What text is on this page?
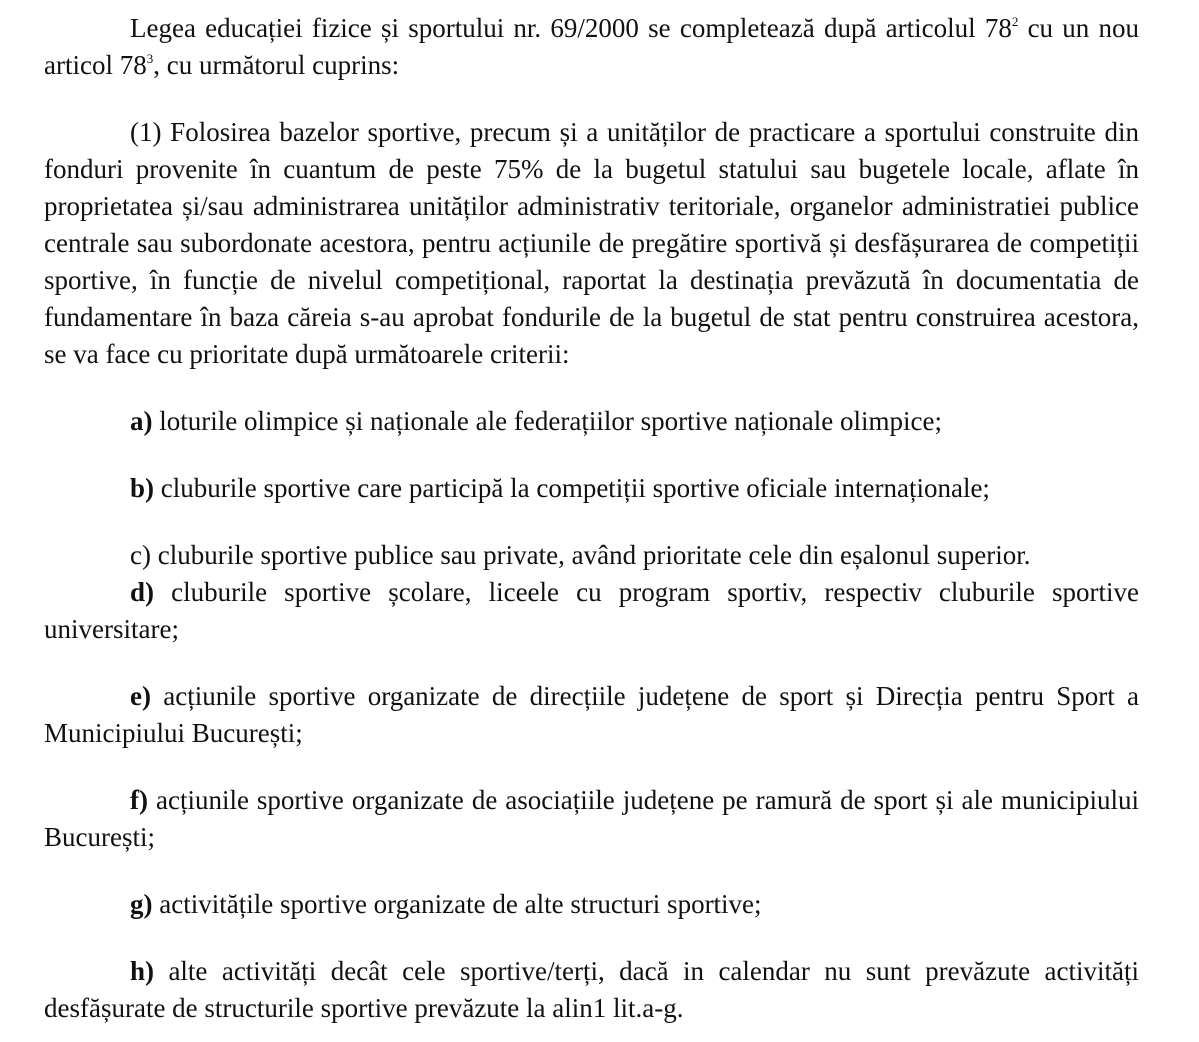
Legea educației fizice și sportului nr. 69/2000 se completează după articolul $78^2$ cu un nou articol $78^3$, cu următorul cuprins:

(1) Folosirea bazelor sportive, precum și a unităților de practicare a sportului construite din fonduri provenite în cuantum de peste 75% de la bugetul statului sau bugetele locale, aflate în proprietatea și/sau administrarea unităților administrativ teritoriale, organelor administratiei publice centrale sau subordonate acestora, pentru acțiunile de pregătire sportivă și desfășurarea de competiții sportive, în funcție de nivelul competițional, raportat la destinația prevăzută în documentatia de fundamentare în baza căreia s-au aprobat fondurile de la bugetul de stat pentru construirea acestora, se va face cu prioritate după următoarele criterii:

a) loturile olimpice și naționale ale federațiilor sportive naționale olimpice;

b) cluburile sportive care participă la competiții sportive oficiale internaționale;

c) cluburile sportive publice sau private, având prioritate cele din eșalonul superior.

d) cluburile sportive școlare, liceele cu program sportiv, respectiv cluburile sportive universitare;

e) acțiunile sportive organizate de direcțiile județene de sport și Direcția pentru Sport a Municipiului București;

f) acțiunile sportive organizate de asociațiile județene pe ramură de sport și ale municipiului București;

g) activitățile sportive organizate de alte structuri sportive;

h) alte activități decât cele sportive/terți, dacă in calendar nu sunt prevăzute activități desfășurate de structurile sportive prevăzute la alin1 lit.a-g.
